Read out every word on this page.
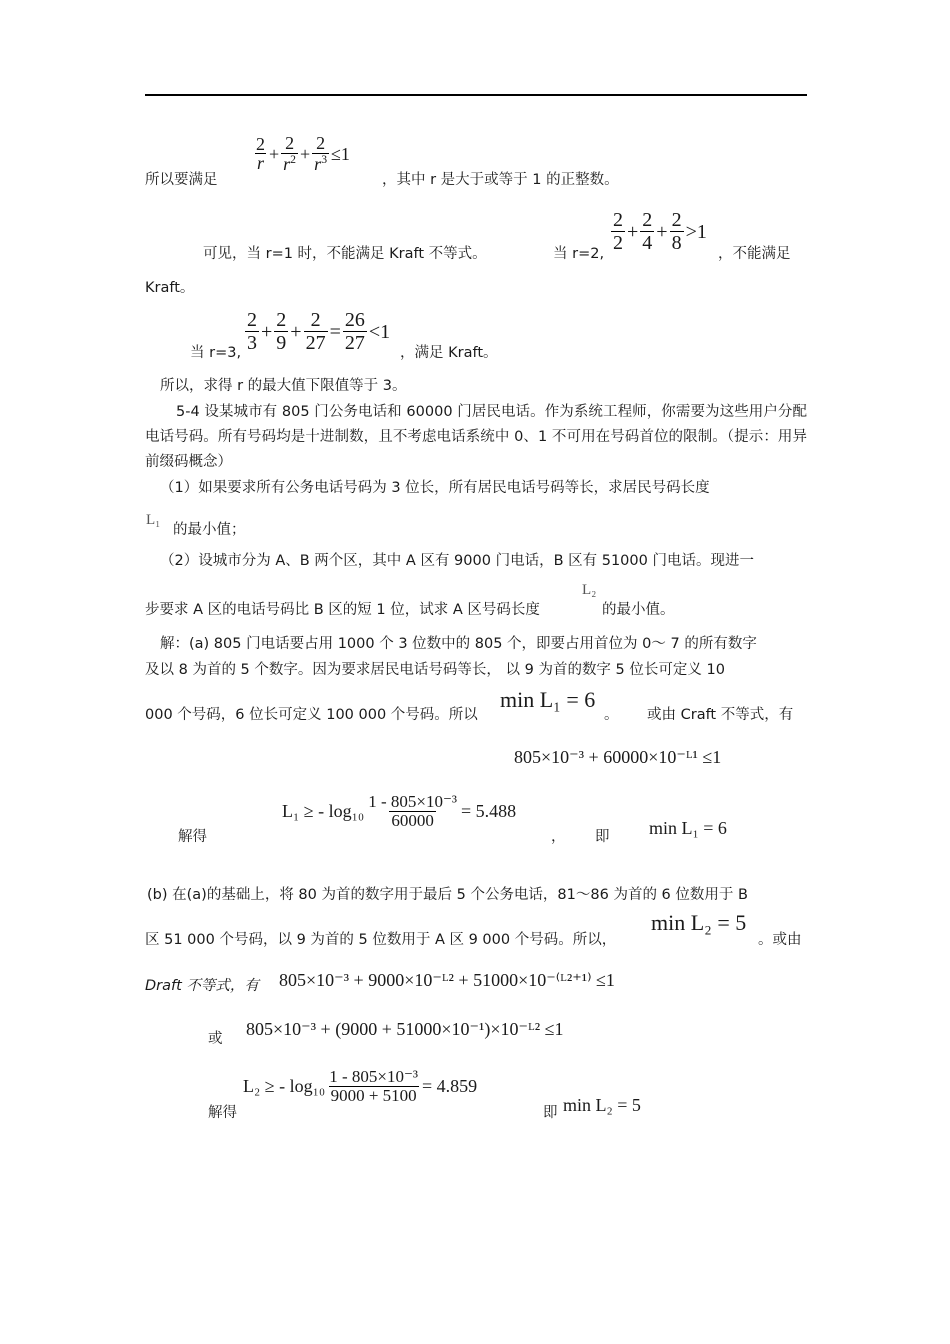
所以要满足
$\frac{2}{r} + \frac{2}{r^2} + \frac{2}{r^3} \le 1$
，其中 r 是大于或等于 1 的正整数。
可见，当 r=1 时，不能满足 Kraft 不等式。	当 r=2, $\frac{2}{2} + \frac{2}{4} + \frac{2}{8} >1$
，不能满足
Kraft。
当 r=3, $\frac{2}{3} + \frac{2}{9} + \frac{2}{27} = \frac{26}{27} <1$
，满足 Kraft。
所以，求得 r 的最大值下限值等于 3。
5-4 设某城市有 805 门公务电话和 60000 门居民电话。作为系统工程师，你需要为这些用户分配电话号码。所有号码均是十进制数，且不考虑电话系统中 0、1 不可用在号码首位的限制。（提示：用异前缀码概念）
（1）如果要求所有公务电话号码为 3 位长，所有居民电话号码等长，求居民号码长度
L₁
的最小值；
（2）设城市分为 A、B 两个区，其中 A 区有 9000 门电话，B 区有 51000 门电话。现进一
步要求 A 区的电话号码比 B 区的短 1 位，试求 A 区号码长度
L₂
的最小值。
解：(a) 805 门电话要占用 1000 个 3 位数中的 805 个，即要占用首位为 0～ 7 的所有数字
及以 8 为首的 5 个数字。因为要求居民电话号码等长， 以 9 为首的数字 5 位长可定义 10
000 个号码，6 位长可定义 100 000 个号码。所以
min L₁ = 6
。 或由 Craft 不等式，有
805×10⁻³ + 60000×10⁻ᴸ¹ ≤1
解得
L₁ ≥ - $\log_{10} \frac{\text{1 - 805×10⁻³}}{60000} = 5.488$
， 即 min L₁ = 6
(b) 在(a)的基础上，将 80 为首的数字用于最后 5 个公务电话，81～86 为首的 6 位数用于 B
区 51 000 个号码，以 9 为首的 5 位数用于 A 区 9 000 个号码。所以，
min L₂ = 5
。或由
Draft 不等式，有 805×10⁻³ + 9000×10⁻ᴸ² + 51000×10⁻⁽ᴸ²⁺¹⁾ ≤1
或 805×10⁻³ + (9000 + 51000×10⁻¹)×10⁻ᴸ² ≤1
解得
L₂ ≥ - $\log_{10} \frac{\text{1 - 805×10⁻³}}{9000 + 5100} = 4.859$
即 min L₂ = 5
